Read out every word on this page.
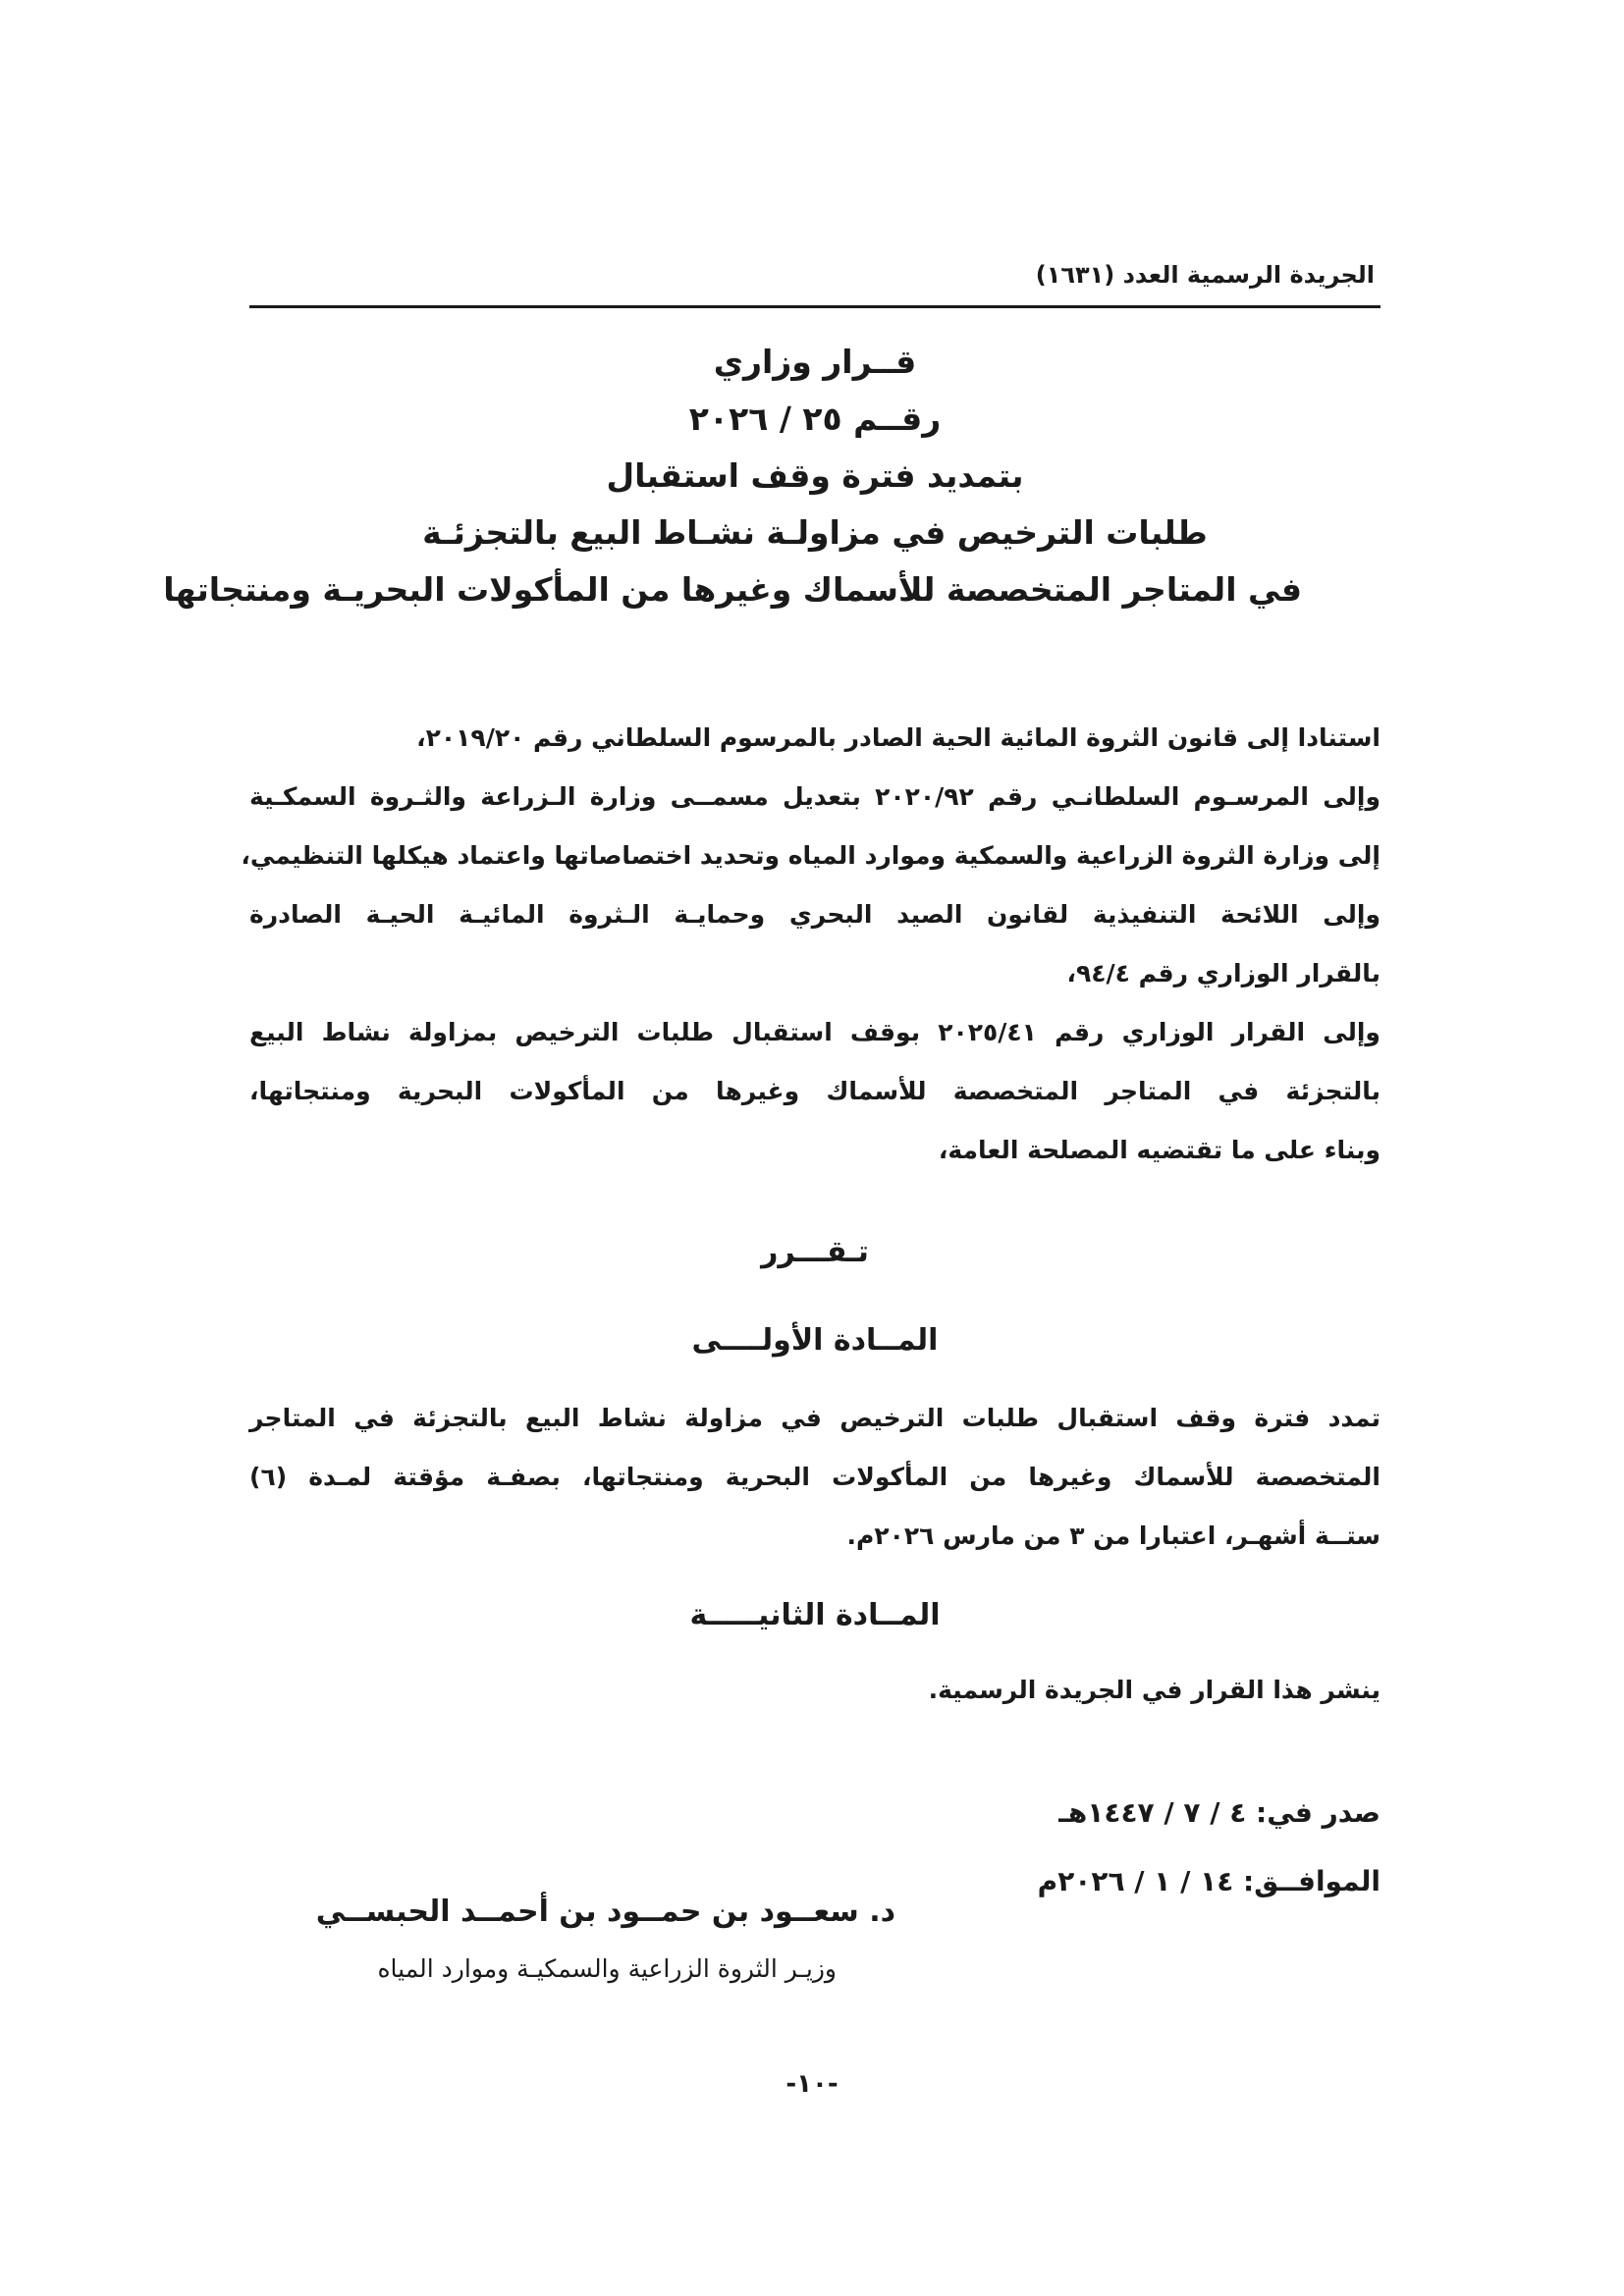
الجريدة الرسمية العدد (١٦٣١)
قــرار وزاري
رقــم ٢٥ / ٢٠٢٦
بتمديد فترة وقف استقبال
طلبات الترخيص في مزاولـة نشـاط البيع بالتجزئـة
في المتاجر المتخصصة للأسماك وغيرها من المأكولات البحريـة ومنتجاتها
استنادا إلى قانون الثروة المائية الحية الصادر بالمرسوم السلطاني رقم ٢٠١٩/٢٠،
وإلى المرسـوم السلطانـي رقم ٢٠٢٠/٩٢ بتعديل مسمــى وزارة الـزراعة والثـروة السمكـية
إلى وزارة الثروة الزراعية والسمكية وموارد المياه وتحديد اختصاصاتها واعتماد هيكلها التنظيمي،
وإلى اللائحة التنفيذية لقانون الصيد البحري وحمايـة الـثروة المائيـة الحيـة الصادرة
بالقرار الوزاري رقم ٩٤/٤،
وإلى القرار الوزاري رقم ٢٠٢٥/٤١ بوقف استقبال طلبات الترخيص بمزاولة نشاط البيع
بالتجزئة في المتاجر المتخصصة للأسماك وغيرها من المأكولات البحرية ومنتجاتها،
وبناء على ما تقتضيه المصلحة العامة،
تـقـــرر
المــادة الأولــــى
تمدد فترة وقف استقبال طلبات الترخيص في مزاولة نشاط البيع بالتجزئة في المتاجر
المتخصصة للأسماك وغيرها من المأكولات البحرية ومنتجاتها، بصفـة مؤقتة لمـدة (٦)
ستــة أشهـر، اعتبارا من ٣ من مارس ٢٠٢٦م.
المــادة الثانيـــــة
ينشر هذا القرار في الجريدة الرسمية.
صدر في: ٤ / ٧ / ١٤٤٧هـ
الموافــق: ١٤ / ١ / ٢٠٢٦م
د. سعــود بن حمــود بن أحمــد الحبســي
وزيـر الثروة الزراعية والسمكيـة وموارد المياه
-١٠-
